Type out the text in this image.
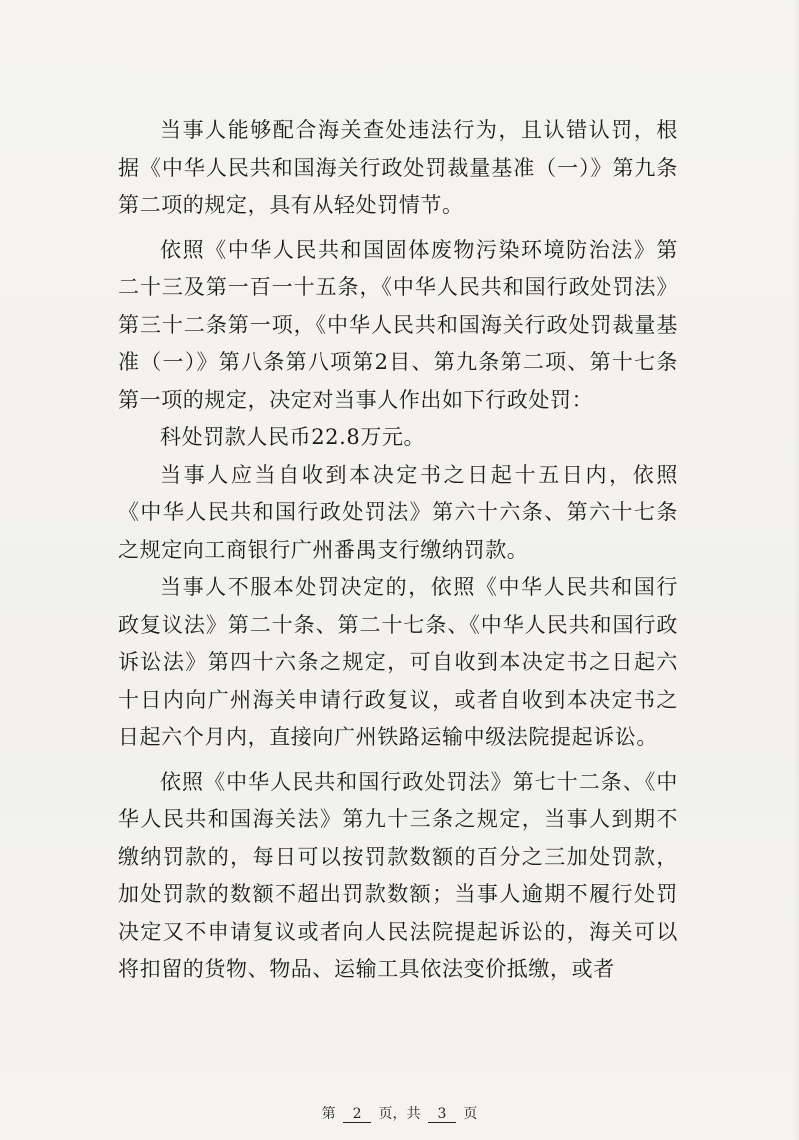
当事人能够配合海关查处违法行为，且认错认罚，根据《中华人民共和国海关行政处罚裁量基准（一）》第九条第二项的规定，具有从轻处罚情节。

依照《中华人民共和国固体废物污染环境防治法》第二十三及第一百一十五条，《中华人民共和国行政处罚法》第三十二条第一项，《中华人民共和国海关行政处罚裁量基准（一）》第八条第八项第2目、第九条第二项、第十七条第一项的规定，决定对当事人作出如下行政处罚：

科处罚款人民币22.8万元。

当事人应当自收到本决定书之日起十五日内，依照《中华人民共和国行政处罚法》第六十六条、第六十七条之规定向工商银行广州番禺支行缴纳罚款。

当事人不服本处罚决定的，依照《中华人民共和国行政复议法》第二十条、第二十七条、《中华人民共和国行政诉讼法》第四十六条之规定，可自收到本决定书之日起六十日内向广州海关申请行政复议，或者自收到本决定书之日起六个月内，直接向广州铁路运输中级法院提起诉讼。

依照《中华人民共和国行政处罚法》第七十二条、《中华人民共和国海关法》第九十三条之规定，当事人到期不缴纳罚款的，每日可以按罚款数额的百分之三加处罚款，加处罚款的数额不超出罚款数额；当事人逾期不履行处罚决定又不申请复议或者向人民法院提起诉讼的，海关可以将扣留的货物、物品、运输工具依法变价抵缴，或者

第 2 页，共 3 页
